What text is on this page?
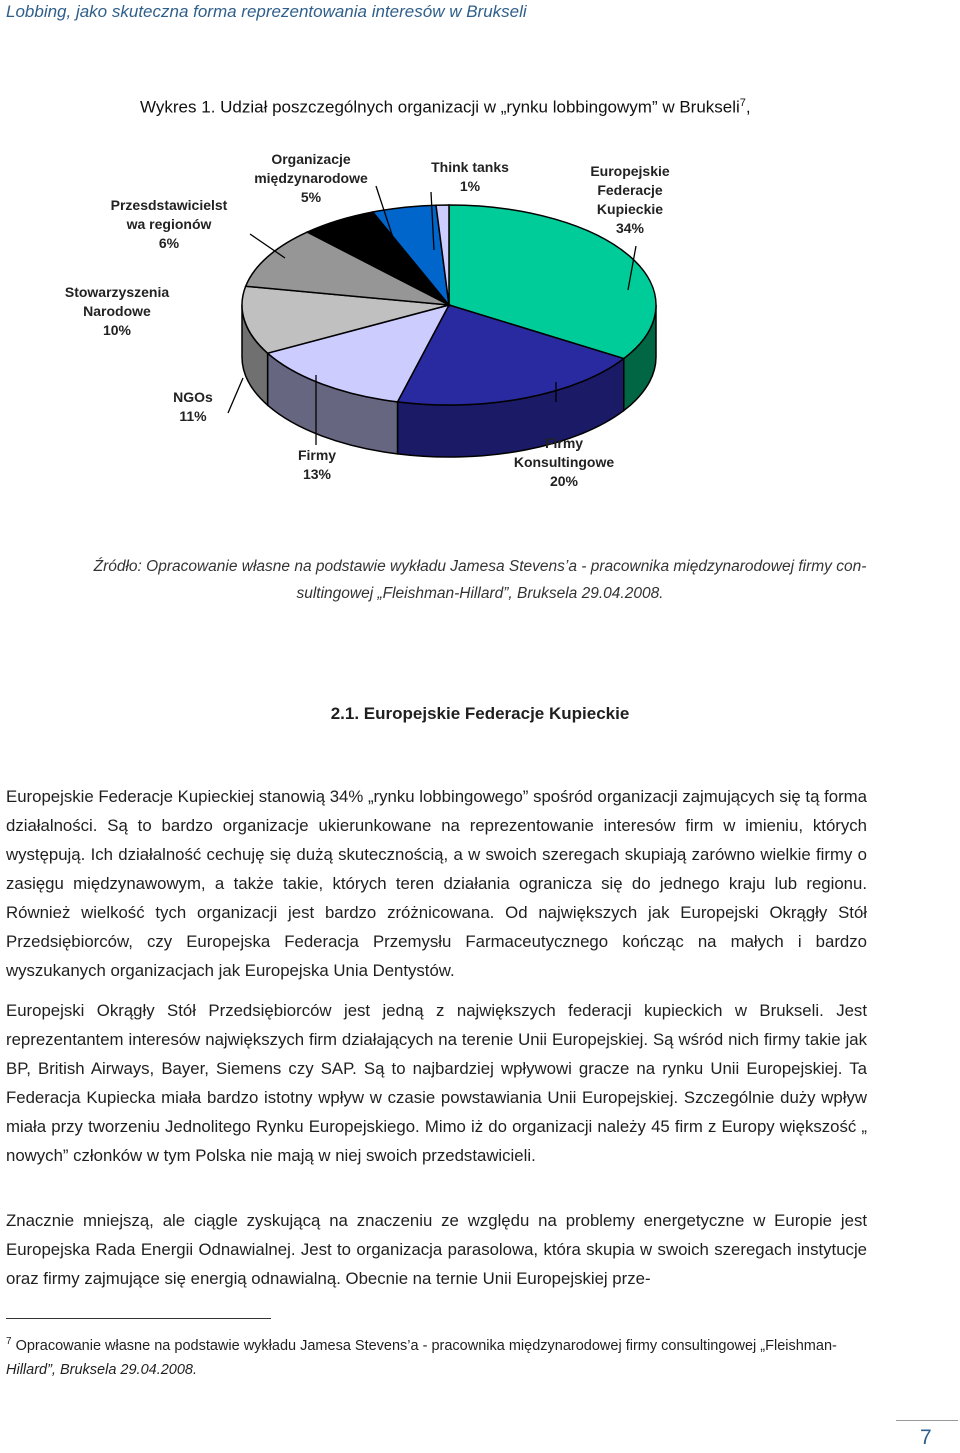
Lobbing, jako skuteczna forma reprezentowania interesów w Brukseli
Wykres 1. Udział poszczególnych organizacji w „rynku lobbingowym” w Brukseli$^7$,
Europejskie Federacje Kupieckie 34%
Firmy Konsultingowe 20%
Firmy 13%
NGOs 11%
Stowarzyszenia Narodowe 10%
Przesdstawicielst wa regionów 6%
Organizacje międzynarodowe 5%
Think tanks 1%
Źródło: Opracowanie własne na podstawie wykładu Jamesa Stevens’a - pracownika międzynarodowej firmy con-
sultingowej „Fleishman-Hillard”, Bruksela 29.04.2008.
2.1. Europejskie Federacje Kupieckie

Europejskie Federacje Kupieckiej stanowią 34% „rynku lobbingowego” spośród organizacji zajmujących się tą forma działalności. Są to bardzo organizacje ukierunkowane na reprezentowanie interesów firm w imieniu, których występują. Ich działalność cechuję się dużą skutecznością, a w swoich szeregach skupiają zarówno wielkie firmy o zasięgu międzynawowym, a także takie, których teren działania ogranicza się do jednego kraju lub regionu. Również wielkość tych organizacji jest bardzo zróżnicowana. Od największych jak Europejski Okrągły Stół Przedsiębiorców, czy Europejska Federacja Przemysłu Farmaceutycznego kończąc na małych i bardzo wyszukanych organizacjach jak Europejska Unia Dentystów.

Europejski Okrągły Stół Przedsiębiorców jest jedną z największych federacji kupieckich w Brukseli. Jest reprezentantem interesów największych firm działających na terenie Unii Europejskiej. Są wśród nich firmy takie jak BP, British Airways, Bayer, Siemens czy SAP. Są to najbardziej wpływowi gracze na rynku Unii Europejskiej. Ta Federacja Kupiecka miała bardzo istotny wpływ w czasie powstawiania Unii Europejskiej. Szczególnie duży wpływ miała przy tworzeniu Jednolitego Rynku Europejskiego. Mimo iż do organizacji należy 45 firm z Europy większość „ nowych” członków w tym Polska nie mają w niej swoich przedstawicieli.

Znacznie mniejszą, ale ciągle zyskującą na znaczeniu ze względu na problemy energetyczne w Europie jest Europejska Rada Energii Odnawialnej. Jest to organizacja parasolowa, która skupia w swoich szeregach instytucje oraz firmy zajmujące się energią odnawialną. Obecnie na ternie Unii Europejskiej prze-

$^7$ Opracowanie własne na podstawie wykładu Jamesa Stevens’a - pracownika międzynarodowej firmy consultingowej „Fleishman-Hillard”, Bruksela 29.04.2008.
7
